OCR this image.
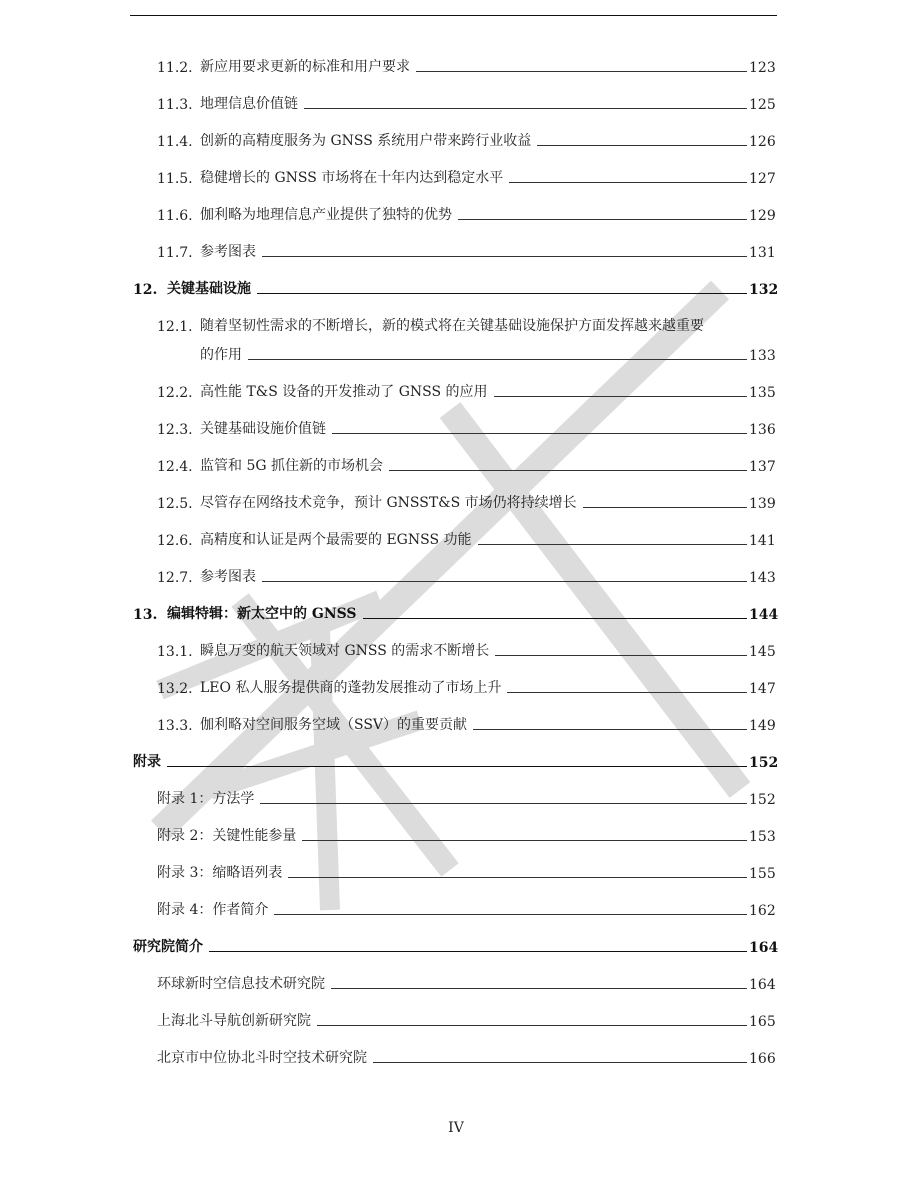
11.2. 新应用要求更新的标准和用户要求	123
11.3. 地理信息价值链	125
11.4. 创新的高精度服务为 GNSS 系统用户带来跨行业收益	126
11.5. 稳健增长的 GNSS 市场将在十年内达到稳定水平	127
11.6. 伽利略为地理信息产业提供了独特的优势	129
11.7. 参考图表	131
12. 关键基础设施	132
12.1. 随着坚韧性需求的不断增长，新的模式将在关键基础设施保护方面发挥越来越重要
的作用	133
12.2. 高性能 T&S 设备的开发推动了 GNSS 的应用	135
12.3. 关键基础设施价值链	136
12.4. 监管和 5G 抓住新的市场机会	137
12.5. 尽管存在网络技术竞争，预计 GNSST&S 市场仍将持续增长	139
12.6. 高精度和认证是两个最需要的 EGNSS 功能	141
12.7. 参考图表	143
13. 编辑特辑：新太空中的 GNSS	144
13.1. 瞬息万变的航天领域对 GNSS 的需求不断增长	145
13.2. LEO 私人服务提供商的蓬勃发展推动了市场上升	147
13.3. 伽利略对空间服务空域（SSV）的重要贡献	149
附录	152
附录 1：方法学	152
附录 2：关键性能参量	153
附录 3：缩略语列表	155
附录 4：作者简介	162
研究院简介	164
环球新时空信息技术研究院	164
上海北斗导航创新研究院	165
北京市中位协北斗时空技术研究院	166
IV
